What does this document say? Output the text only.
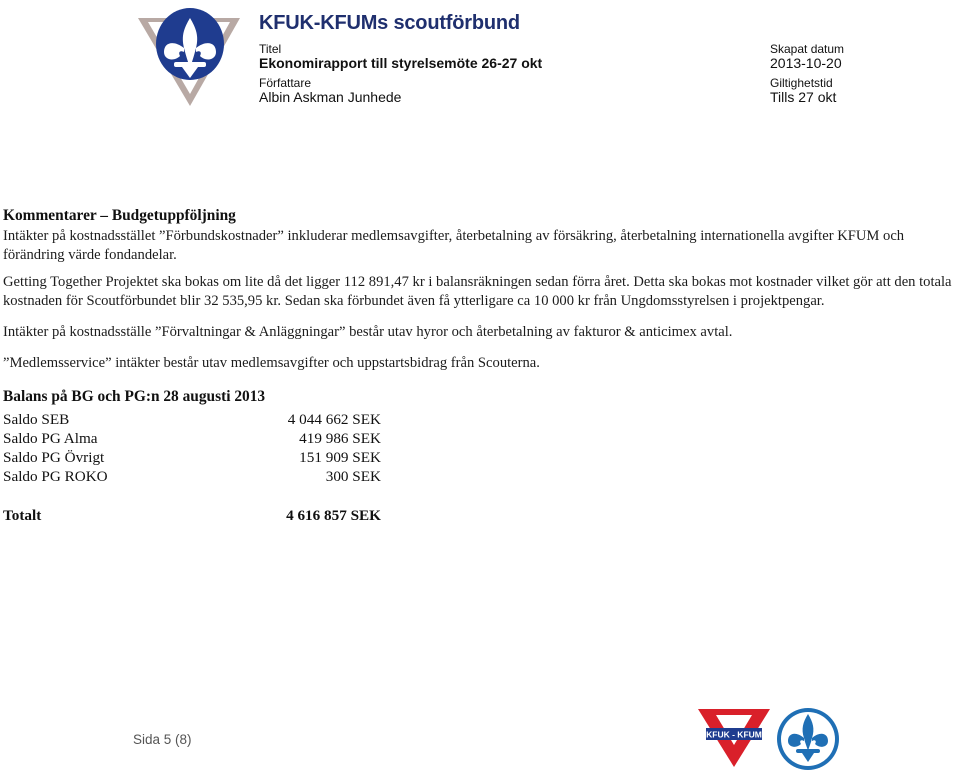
KFUK-KFUMs scoutförbund
Titel
Ekonomirapport till styrelsemöte 26-27 okt
Skapat datum
2013-10-20
Författare
Albin Askman Junhede
Giltighetstid
Tills 27 okt
Kommentarer – Budgetuppföljning

Intäkter på kostnadsstället ”Förbundskostnader” inkluderar medlemsavgifter, återbetalning av försäkring, återbetalning internationella avgifter KFUM och förändring värde fondandelar.

Getting Together Projektet ska bokas om lite då det ligger 112 891,47 kr i balansräkningen sedan förra året. Detta ska bokas mot kostnader vilket gör att den totala kostnaden för Scoutförbundet blir 32 535,95 kr. Sedan ska förbundet även få ytterligare ca 10 000 kr från Ungdomsstyrelsen i projektpengar.

Intäkter på kostnadsställe ”Förvaltningar & Anläggningar” består utav hyror och återbetalning av fakturor & anticimex avtal.

”Medlemsservice” intäkter består utav medlemsavgifter och uppstartsbidrag från Scouterna.

Balans på BG och PG:n 28 augusti 2013
Saldo SEB	4 044 662 SEK
Saldo PG Alma	419 986 SEK
Saldo PG Övrigt	151 909 SEK
Saldo PG ROKO	300 SEK
Totalt	4 616 857 SEK
Sida 5 (8)	KFUK - KFUM
